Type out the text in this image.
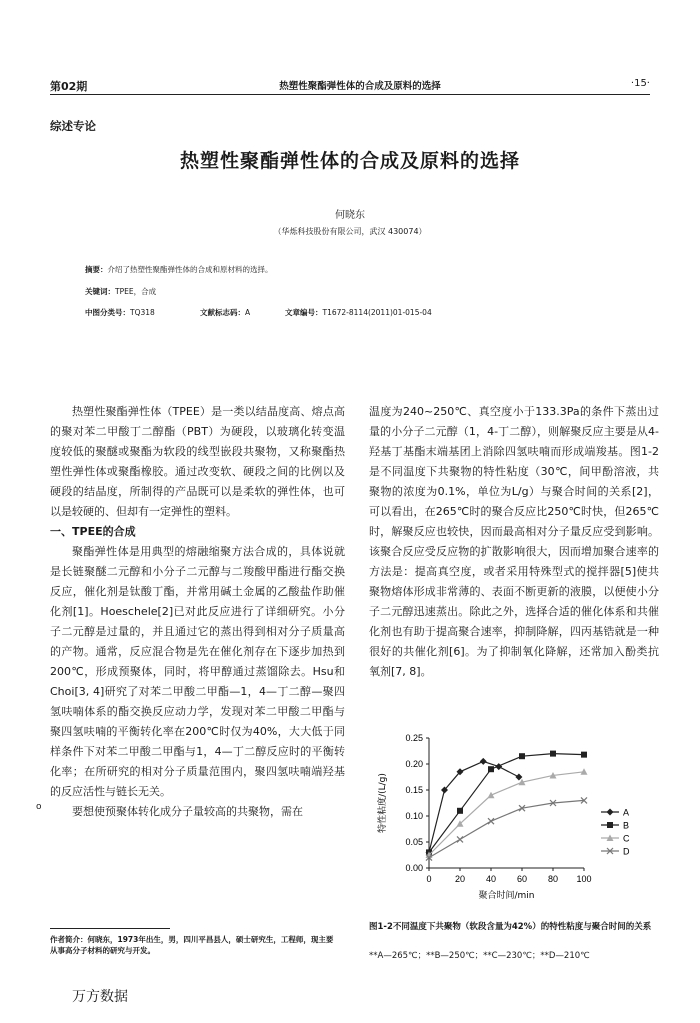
第02期	热塑性聚酯弹性体的合成及原料的选择	·15·
综述专论
热塑性聚酯弹性体的合成及原料的选择
何晓东
（华烁科技股份有限公司，武汉 430074）
摘要：介绍了热塑性聚酯弹性体的合成和原材料的选择。
关键词：TPEE，合成
中图分类号：TQ318	文献标志码：A	文章编号：T1672-8114(2011)01-015-04

热塑性聚酯弹性体（TPEE）是一类以结晶度高、熔点高的聚对苯二甲酸丁二醇酯（PBT）为硬段，以玻璃化转变温度较低的聚醚或聚酯为软段的线型嵌段共聚物，又称聚酯热塑性弹性体或聚酯橡胶。通过改变软、硬段之间的比例以及硬段的结晶度，所制得的产品既可以是柔软的弹性体，也可以是较硬的、但却有一定弹性的塑料。

一、TPEE的合成

聚酯弹性体是用典型的熔融缩聚方法合成的，具体说就是长链聚醚二元醇和小分子二元醇与二羧酸甲酯进行酯交换反应，催化剂是钛酸丁酯，并常用碱土金属的乙酸盐作助催化剂[1]。Hoeschele[2]已对此反应进行了详细研究。小分子二元醇是过量的，并且通过它的蒸出得到相对分子质量高的产物。通常，反应混合物是先在催化剂存在下逐步加热到200℃，形成预聚体，同时，将甲醇通过蒸馏除去。Hsu和Choi[3, 4]研究了对苯二甲酸二甲酯—1，4—丁二醇—聚四氢呋喃体系的酯交换反应动力学，发现对苯二甲酸二甲酯与聚四氢呋喃的平衡转化率在200℃时仅为40%，大大低于同样条件下对苯二甲酸二甲酯与1，4—丁二醇反应时的平衡转化率；在所研究的相对分子质量范围内，聚四氢呋喃端羟基的反应活性与链长无关。

要想使预聚体转化成分子量较高的共聚物，需在

o

温度为240~250℃、真空度小于133.3Pa的条件下蒸出过量的小分子二元醇（1，4-丁二醇），则解聚反应主要是从4-羟基丁基酯末端基团上消除四氢呋喃而形成端羧基。图1-2是不同温度下共聚物的特性粘度（30℃，间甲酚溶液，共聚物的浓度为0.1%，单位为L/g）与聚合时间的关系[2]，可以看出，在265℃时的聚合反应比250℃时快，但265℃时，解聚反应也较快，因而最高相对分子量反应受到影响。该聚合反应受反应物的扩散影响很大，因而增加聚合速率的方法是：提高真空度，或者采用特殊型式的搅拌器[5]使共聚物熔体形成非常薄的、表面不断更新的液膜，以便使小分子二元醇迅速蒸出。除此之外，选择合适的催化体系和共催化剂也有助于提高聚合速率，抑制降解，四丙基锆就是一种很好的共催化剂[6]。为了抑制氧化降解，还常加入酚类抗氧剂[7, 8]。

0	20 40 60 80 100
0.00
0.05
0.10
0.15
0.20
0.25
聚合时间/min
特性粘度/(L/g)	A
B
C
D
图1-2不同温度下共聚物（软段含量为42%）的特性粘度与聚合时间的关系
**A—265℃；**B—250℃；**C—230℃；**D—210℃
作者简介：何晓东，1973年出生，男，四川平昌县人，硕士研究生，工程师，现主要从事高分子材料的研究与开发。
万方数据
